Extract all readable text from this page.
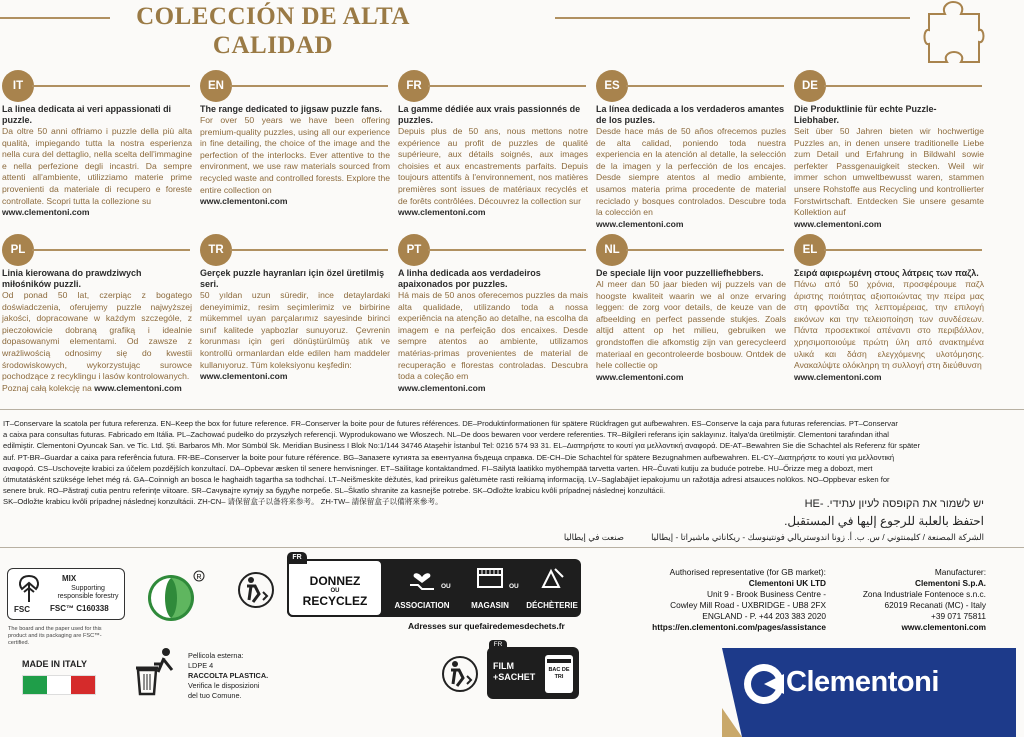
COLECCIÓN DE ALTA
CALIDAD
IT
La linea dedicata ai veri appassionati di puzzle.
Da oltre 50 anni offriamo i puzzle della più alta qualità, impiegando tutta la nostra esperienza nella cura del dettaglio, nella scelta dell'immagine e nella perfezione degli incastri. Da sempre attenti all'ambiente, utilizziamo materie prime provenienti da materiale di recupero e foreste controllate. Scopri tutta la collezione su
www.clementoni.com
EN
The range dedicated to jigsaw puzzle fans.
For over 50 years we have been offering premium-quality puzzles, using all our experience in fine detailing, the choice of the image and the perfection of the interlocks. Ever attentive to the environment, we use raw materials sourced from recycled waste and controlled forests. Explore the entire collection on
www.clementoni.com
FR
La gamme dédiée aux vrais passionnés de puzzles.
Depuis plus de 50 ans, nous mettons notre expérience au profit de puzzles de qualité supérieure, aux détails soignés, aux images choisies et aux encastrements parfaits. Depuis toujours attentifs à l'environnement, nos matières premières sont issues de matériaux recyclés et de forêts contrôlées. Découvrez la collection sur
www.clementoni.com
ES
La línea dedicada a los verdaderos amantes de los puzles.
Desde hace más de 50 años ofrecemos puzles de alta calidad, poniendo toda nuestra experiencia en la atención al detalle, la selección de la imagen y la perfección de los encajes. Desde siempre atentos al medio ambiente, usamos materia prima procedente de material reciclado y bosques controlados. Descubre toda la colección en
www.clementoni.com
DE
Die Produktlinie für echte Puzzle- Liebhaber.
Seit über 50 Jahren bieten wir hochwertige Puzzles an, in denen unsere traditionelle Liebe zum Detail und Erfahrung in Bildwahl sowie perfekter Passgenauigkeit stecken. Weil wir immer schon umweltbewusst waren, stammen unsere Rohstoffe aus Recycling und kontrollierter Forstwirtschaft. Entdecken Sie unsere gesamte Kollektion auf
www.clementoni.com
PL
Linia kierowana do prawdziwych miłośników puzzli.
Od ponad 50 lat, czerpiąc z bogatego doświadczenia, oferujemy puzzle najwyższej jakości, dopracowane w każdym szczególe, z pieczołowicie dobraną grafiką i idealnie dopasowanymi elementami. Od zawsze z wrażliwością odnosimy się do kwestii środowiskowych, wykorzystując surowce pochodzące z recyklingu i lasów kontrolowanych.
Poznaj całą kolekcję na www.clementoni.com
TR
Gerçek puzzle hayranları için özel üretilmiş seri.
50 yıldan uzun süredir, ince detaylardaki deneyimimiz, resim seçimlerimiz ve birbirine mükemmel uyan parçalarımız sayesinde birinci sınıf kalitede yapbozlar sunuyoruz. Çevrenin korunması için geri dönüştürülmüş atık ve kontrollü ormanlardan elde edilen ham maddeler kullanıyoruz. Tüm koleksiyonu keşfedin:
www.clementoni.com
PT
A linha dedicada aos verdadeiros apaixonados por puzzles.
Há mais de 50 anos oferecemos puzzles da mais alta qualidade, utilizando toda a nossa experiência na atenção ao detalhe, na escolha da imagem e na perfeição dos encaixes. Desde sempre atentos ao ambiente, utilizamos matérias-primas provenientes de material de recuperação e florestas controladas. Descubra toda a coleção em
www.clementoni.com
NL
De speciale lijn voor puzzelliefhebbers.
Al meer dan 50 jaar bieden wij puzzels van de hoogste kwaliteit waarin we al onze ervaring leggen: de zorg voor details, de keuze van de afbeelding en perfect passende stukjes. Zoals altijd attent op het milieu, gebruiken we grondstoffen die afkomstig zijn van gerecycleerd materiaal en gecontroleerde bosbouw. Ontdek de hele collectie op
www.clementoni.com
EL
Σειρά αφιερωμένη στους λάτρεις των παζλ.
Πάνω από 50 χρόνια, προσφέρουμε παζλ άριστης ποιότητας αξιοποιώντας την πείρα μας στη φροντίδα της λεπτομέρειας, την επιλογή εικόνων και την τελειοποίηση των συνδέσεων. Πάντα προσεκτικοί απέναντι στο περιβάλλον, χρησιμοποιούμε πρώτη ύλη από ανακτημένα υλικά και δάση ελεγχόμενης υλοτόμησης. Ανακαλύψτε ολόκληρη τη συλλογή στη διεύθυνση
www.clementoni.com
IT–Conservare la scatola per futura referenza. EN–Keep the box for future reference. FR–Conserver la boite pour de futures références. DE–Produktinformationen für spätere Rückfragen gut aufbewahren. ES–Conserve la caja para futuras referencias. PT–Conservar
a caixa para consultas futuras. Fabricado em Itália. PL–Zachować pudełko do przyszłych referencji. Wyprodukowano we Włoszech. NL–De doos bewaren voor verdere referenties. TR–Bilgileri referans için saklayınız. İtalya'da üretilmiştir. Clementoni tarafından ithal
edilmiştir. Clementoni Oyuncak San. ve Tic. Ltd. Şti. Barbaros Mh. Mor Sümbül Sk. Meridian Business I Blok No:1/144 34746 Ataşehir İstanbul Tel: 0216 574 93 31. EL–Διατηρήστε το κουτί για μελλοντική αναφορά. DE-AT–Bewahren Sie die Schachtel als Referenz für später
auf. PT-BR–Guardar a caixa para referência futura. FR-BE–Conserver la boite pour future référence. BG–Запазете кутията за евентуална бъдеща справка. DE-CH–Die Schachtel für spätere Bezugnahmen aufbewahren. EL-CY–Διατηρήστε το κουτί για μελλοντική
αναφορά. CS–Uschovejte krabici za účelem pozdějších konzultací. DA–Opbevar æsken til senere henvisninger. ET–Säilitage kontaktandmed. FI–Säilytä laatikko myöhempää tarvetta varten. HR–Čuvati kutiju za buduće potrebe. HU–Őrizze meg a dobozt, mert
útmutatásként szüksége lehet még rá. GA–Coinnigh an bosca le haghaidh tagartha sa todhchaí. LT–Neišmeskite dėžutės, kad prireikus galėtumėte rasti reikiamą informaciją. LV–Saglabājiet iepakojumu un ražotāja adresi atsauces nolūkos. NO–Oppbevar esken for
senere bruk. RO–Păstraţi cutia pentru referinţe viitoare. SR–Сачувајте кутију за будуће потребе. SL–Škatlo shranite za kasnejše potrebe. SK–Odložte krabicu kvôli prípadnej následnej konzultácii.
SK–Odložte krabicu kvôli prípadnej následnej konzultácii. ZH-CN– 请保留盒子以备将来参考。 ZH-TW– 請保留盒子以備將來參考。	יש לשמור את הקופסה לעיון עתידי. -HE
احتفظ بالعلبة للرجوع إليها في المستقبل.
الشركة المصنعة / كليمنتوني / س. ب. أ. زونا اندوستريالي فونتينوسك - ريكاناتي ماشيراتا - إيطاليا
صنعت في إيطاليا
FSC
MIX
Supporting responsible forestry
FSC™ C160338
The board and the paper used for this product and its packaging are FSC™-certified.
R
FR
DONNEZ
OU
RECYCLEZ	ASSOCIATION
OU
MAGASIN
OU
DÉCHÈTERIE
Adresses sur quefairedemesdechets.fr
Authorised representative (for GB market):
Clementoni UK LTD
Unit 9 - Brook Business Centre -
Cowley Mill Road - UXBRIDGE - UB8 2FX
ENGLAND - P. +44 203 383 2020
https://en.clementoni.com/pages/assistance
Manufacturer:
Clementoni S.p.A.
Zona Industriale Fontenoce s.n.c.
62019 Recanati (MC) - Italy
+39 071 75811
www.clementoni.com
MADE IN ITALY
Pellicola esterna:
LDPE 4
RACCOLTA PLASTICA.
Verifica le disposizioni
del tuo Comune.
FR
FILM
+SACHET
BAC DE TRI	Clementoni
